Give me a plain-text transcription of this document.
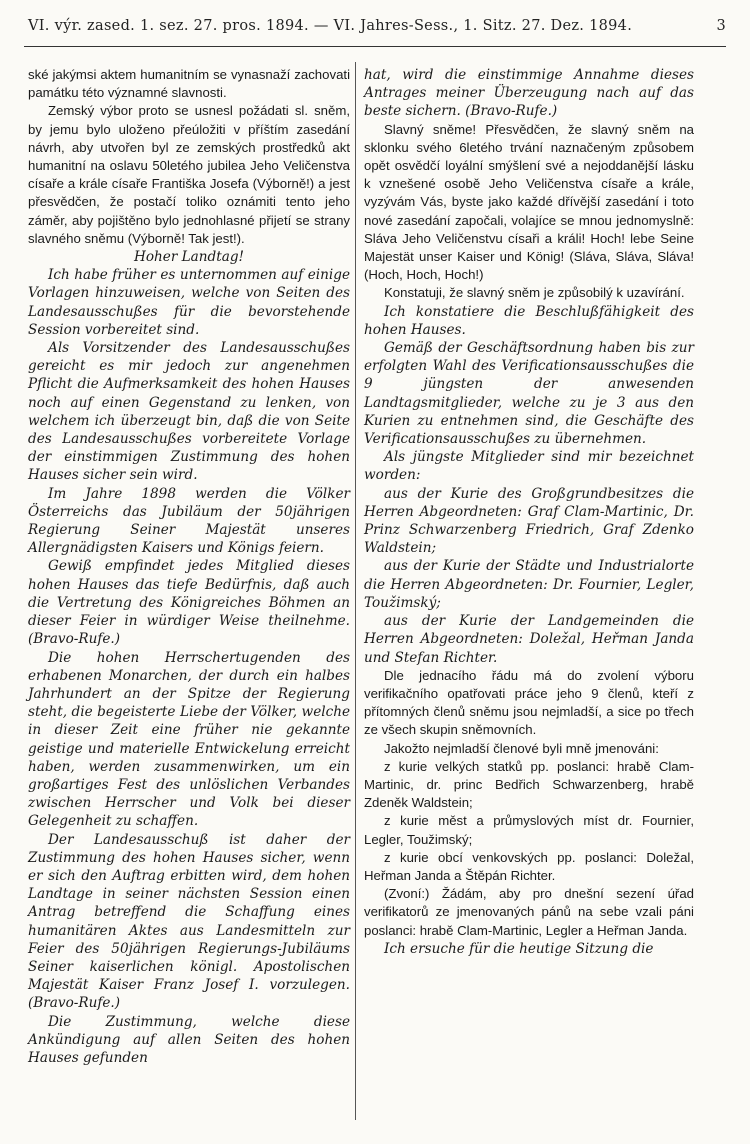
VI. výr. zased. 1. sez. 27. pros. 1894. — VI. Jahres-Sess., 1. Sitz. 27. Dez. 1894.	3

ské jakýmsi aktem humanitním se vynasnaží zachovati památku této významné slavnosti.

Zemský výbor proto se usnesl požádati sl. sněm, by jemu bylo uloženo přeúložiti v příštím zasedání návrh, aby utvořen byl ze zemských prostředků akt humanitní na oslavu 50letého jubilea Jeho Veličenstva císaře a krále císaře Františka Josefa (Výborně!) a jest přesvědčen, že postačí toliko oznámiti tento jeho záměr, aby pojištěno bylo jednohlasné přijetí se strany slavného sněmu (Výborně! Tak jest!).

Hoher Landtag!

Ich habe früher es unternommen auf einige Vorlagen hinzuweisen, welche von Seiten des Landesausschußes für die bevorstehende Session vorbereitet sind.

Als Vorsitzender des Landesausschußes gereicht es mir jedoch zur angenehmen Pflicht die Aufmerksamkeit des hohen Hauses noch auf einen Gegenstand zu lenken, von welchem ich überzeugt bin, daß die von Seite des Landesausschußes vorbereitete Vorlage der einstimmigen Zustimmung des hohen Hauses sicher sein wird.

Im Jahre 1898 werden die Völker Österreichs das Jubiläum der 50jährigen Regierung Seiner Majestät unseres Allergnädigsten Kaisers und Königs feiern.

Gewiß empfindet jedes Mitglied dieses hohen Hauses das tiefe Bedürfnis, daß auch die Vertretung des Königreiches Böhmen an dieser Feier in würdiger Weise theilnehme. (Bravo-Rufe.)

Die hohen Herrschertugenden des erhabenen Monarchen, der durch ein halbes Jahrhundert an der Spitze der Regierung steht, die begeisterte Liebe der Völker, welche in dieser Zeit eine früher nie gekannte geistige und materielle Entwickelung erreicht haben, werden zusammenwirken, um ein großartiges Fest des unlöslichen Verbandes zwischen Herrscher und Volk bei dieser Gelegenheit zu schaffen.

Der Landesausschuß ist daher der Zustimmung des hohen Hauses sicher, wenn er sich den Auftrag erbitten wird, dem hohen Landtage in seiner nächsten Session einen Antrag betreffend die Schaffung eines humanitären Aktes aus Landesmitteln zur Feier des 50jährigen Regierungs-Jubiläums Seiner kaiserlichen königl. Apostolischen Majestät Kaiser Franz Josef I. vorzulegen. (Bravo-Rufe.)

Die Zustimmung, welche diese Ankündigung auf allen Seiten des hohen Hauses gefunden

hat, wird die einstimmige Annahme dieses Antrages meiner Überzeugung nach auf das beste sichern. (Bravo-Rufe.)

Slavný sněme! Přesvědčen, že slavný sněm na sklonku svého 6letého trvání naznačeným způsobem opět osvědčí loyální smýšlení své a nejoddanější lásku k vznešené osobě Jeho Veličenstva císaře a krále, vyzývám Vás, byste jako každé dřívější zasedání i toto nové zasedání započali, volajíce se mnou jednomyslně: Sláva Jeho Veličenstvu císaři a králi! Hoch! lebe Seine Majestät unser Kaiser und König! (Sláva, Sláva, Sláva! (Hoch, Hoch, Hoch!)

Konstatuji, že slavný sněm je způsobilý k uzavírání.

Ich konstatiere die Beschlußfähigkeit des hohen Hauses.

Gemäß der Geschäftsordnung haben bis zur erfolgten Wahl des Verificationsausschußes die 9 jüngsten der anwesenden Landtagsmitglieder, welche zu je 3 aus den Kurien zu entnehmen sind, die Geschäfte des Verificationsausschußes zu übernehmen.

Als jüngste Mitglieder sind mir bezeichnet worden:

aus der Kurie des Großgrundbesitzes die Herren Abgeordneten: Graf Clam-Martinic, Dr. Prinz Schwarzenberg Friedrich, Graf Zdenko Waldstein;

aus der Kurie der Städte und Industrialorte die Herren Abgeordneten: Dr. Fournier, Legler, Toužimský;

aus der Kurie der Landgemeinden die Herren Abgeordneten: Doležal, Heřman Janda und Stefan Richter.

Dle jednacího řádu má do zvolení výboru verifikačního opatřovati práce jeho 9 členů, kteří z přítomných členů sněmu jsou nejmladší, a sice po třech ze všech skupin sněmovních.

Jakožto nejmladší členové byli mně jmenováni:

z kurie velkých statků pp. poslanci: hrabě Clam-Martinic, dr. princ Bedřich Schwarzenberg, hrabě Zdeněk Waldstein;

z kurie měst a průmyslových míst dr. Fournier, Legler, Toužimský;

z kurie obcí venkovských pp. poslanci: Doležal, Heřman Janda a Štěpán Richter.

(Zvoní:) Žádám, aby pro dnešní sezení úřad verifikatorů ze jmenovaných pánů na sebe vzali páni poslanci: hrabě Clam-Martinic, Legler a Heřman Janda.

Ich ersuche für die heutige Sitzung die
